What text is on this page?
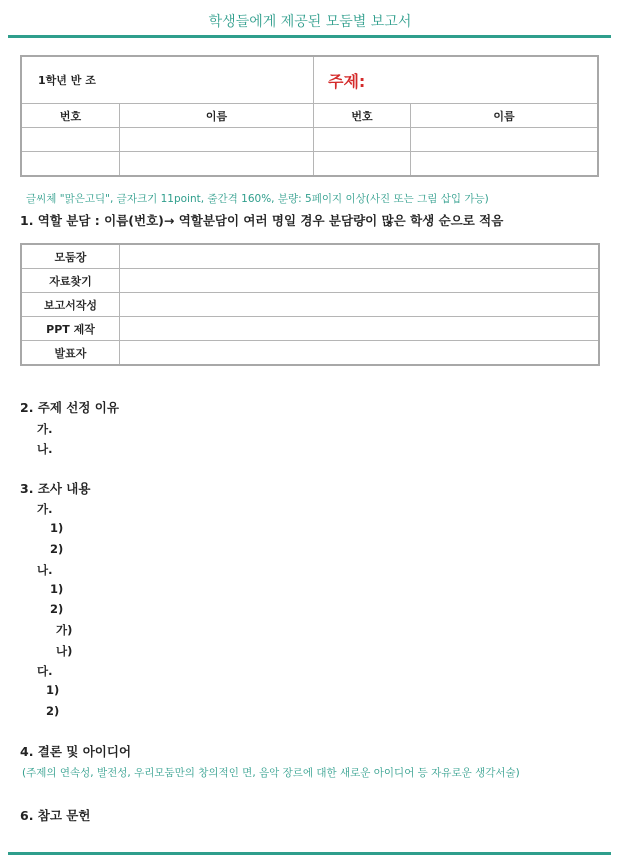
학생들에게 제공된 모둠별 보고서
1학년 반 조		주제:	
번호	이름	번호	이름

글씨체 "맑은고딕", 글자크기 11point, 줄간격 160%, 분량: 5페이지 이상(사진 또는 그림 삽입 가능)
1. 역할 분담 : 이름(번호)→ 역할분담이 여러 명일 경우 분담량이 많은 학생 순으로 적음
모둠장	
자료찾기	
보고서작성	
PPT 제작	
발표자	
2. 주제 선정 이유
가.
나.
3. 조사 내용
가.
1)
2)
나.
1)
2)
가)
나)
다.
1)
2)
4. 결론 및 아이디어
(주제의 연속성, 발전성, 우리모둠만의 창의적인 면, 음악 장르에 대한 새로운 아이디어 등 자유로운 생각서술)
6. 참고 문헌
